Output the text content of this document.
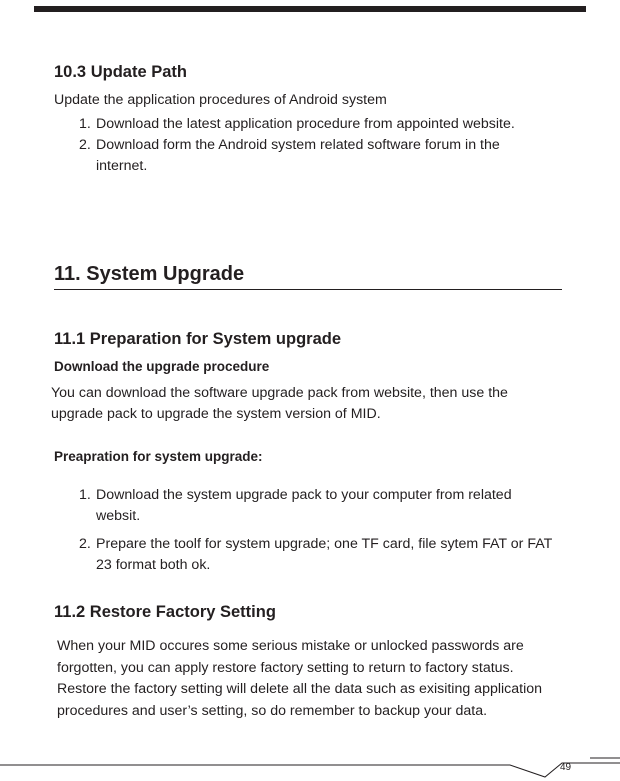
10.3 Update Path
Update the application procedures of Android system
1. Download the latest application procedure from appointed website.
2. Download form the Android system related software forum in the internet.
11. System Upgrade
11.1 Preparation for System upgrade
Download the upgrade procedure
You can download the software upgrade pack from website, then use the upgrade pack to upgrade the system version of MID.
Preapration for system upgrade:
1. Download the system upgrade pack to your computer from related websit.
2. Prepare the toolf for system upgrade; one TF card, file sytem FAT or FAT 23 format both ok.
11.2 Restore Factory Setting
When your MID occures some serious mistake or unlocked passwords are forgotten, you can apply restore factory setting to return to factory status. Restore the factory setting will delete all the data such as exisiting application procedures and user’s setting, so do remember to backup your data.
49
